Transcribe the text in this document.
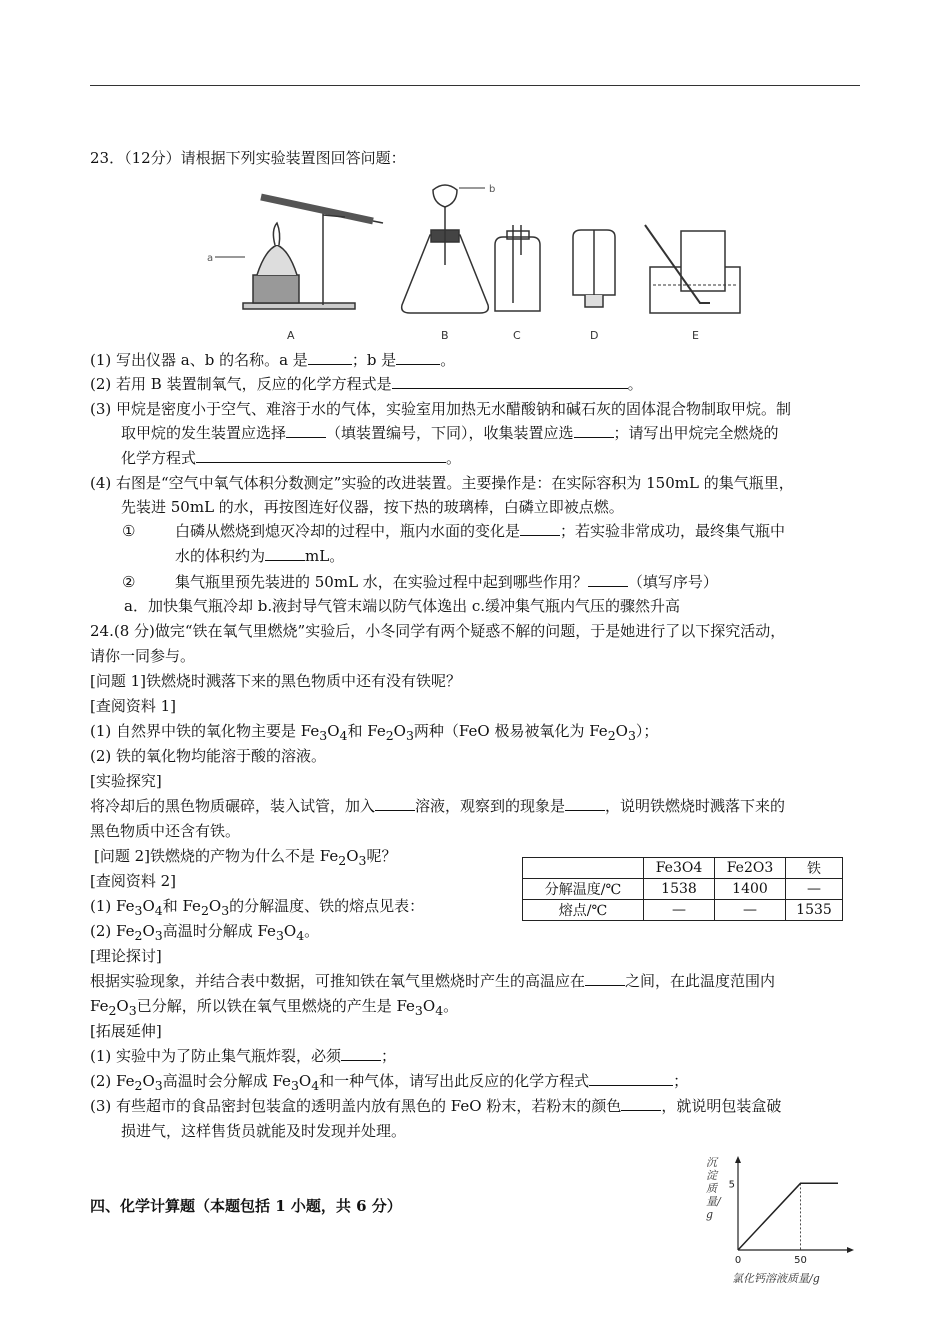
23．（12分）请根据下列实验装置图回答问题：
a
b
A	B	C	D	E
(1) 写出仪器 a、b 的名称。a 是	；b 是	。
(2) 若用 B 装置制氧气，反应的化学方程式是	。
(3) 甲烷是密度小于空气、难溶于水的气体，实验室用加热无水醋酸钠和碱石灰的固体混合物制取甲烷。制
取甲烷的发生装置应选择	（填装置编号，下同），收集装置应选	；请写出甲烷完全燃烧的
化学方程式	。
(4) 右图是“空气中氧气体积分数测定”实验的改进装置。主要操作是：在实际容积为 150mL 的集气瓶里，
先装进 50mL 的水，再按图连好仪器，按下热的玻璃棒，白磷立即被点燃。
①	白磷从燃烧到熄灭冷却的过程中，瓶内水面的变化是	；若实验非常成功，最终集气瓶中
水的体积约为	mL。
②	集气瓶里预先装进的 50mL 水，在实验过程中起到哪些作用？	（填写序号）
a．加快集气瓶冷却 b.液封导气管末端以防气体逸出 c.缓冲集气瓶内气压的骤然升高
24.(8 分)做完“铁在氧气里燃烧”实验后，小冬同学有两个疑惑不解的问题，于是她进行了以下探究活动，
请你一同参与。
[问题 1]铁燃烧时溅落下来的黑色物质中还有没有铁呢？
[查阅资料 1]
(1) 自然界中铁的氧化物主要是 $Fe_3O_4$和 $Fe_2O_3$两种（FeO 极易被氧化为 $Fe_2O_3$）；
(2) 铁的氧化物均能溶于酸的溶液。
[实验探究]
将冷却后的黑色物质碾碎，装入试管，加入	溶液，观察到的现象是	，说明铁燃烧时溅落下来的
黑色物质中还含有铁。
[问题 2]铁燃烧的产物为什么不是 $Fe_2O_3$呢？
[查阅资料 2]
(1) $Fe_3O_4$和 $Fe_2O_3$的分解温度、铁的熔点见表：
(2) $Fe_2O_3$高温时分解成 $Fe_3O_4$。
	Fe3O4	Fe2O3	铁
分解温度/℃	1538	1400	—
熔点/℃	—	—	1535
[理论探讨]
根据实验现象，并结合表中数据，可推知铁在氧气里燃烧时产生的高温应在	之间，在此温度范围内
$Fe_2O_3$已分解，所以铁在氧气里燃烧的产生是 $Fe_3O_4$。
[拓展延伸]
(1) 实验中为了防止集气瓶炸裂，必须	；
(2) $Fe_2O_3$高温时会分解成 $Fe_3O_4$和一种气体，请写出此反应的化学方程式	；
(3) 有些超市的食品密封包装盒的透明盖内放有黑色的 FeO 粉末，若粉末的颜色	，就说明包装盒破
损进气，这样售货员就能及时发现并处理。
四、化学计算题（本题包括 1 小题，共 6 分）
5
0	50
沉淀质量/g
氯化钙溶液质量/g
